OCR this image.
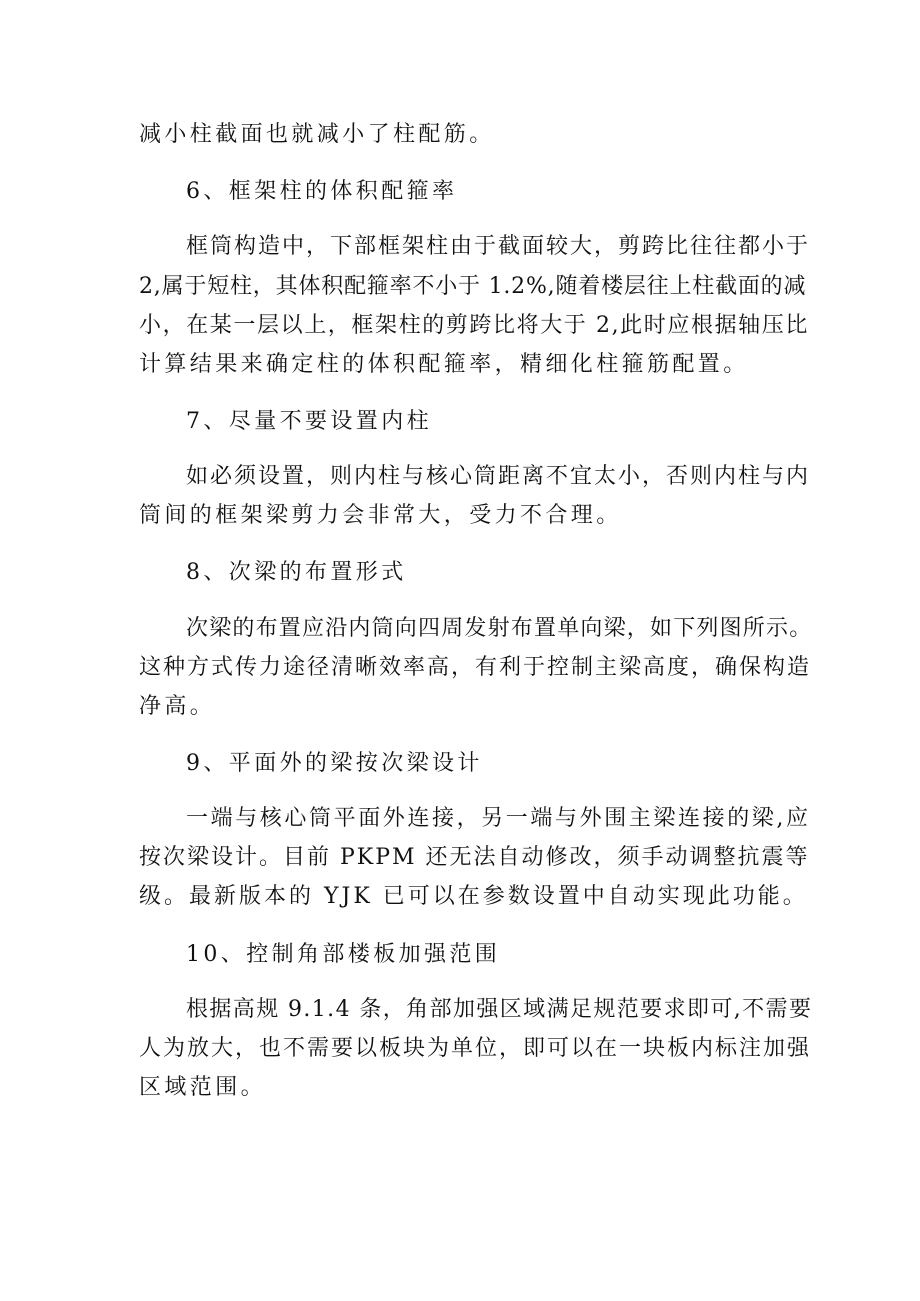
减小柱截面也就减小了柱配筋。
6、框架柱的体积配箍率
框筒构造中，下部框架柱由于截面较大，剪跨比往往都小于
2,属于短柱，其体积配箍率不小于 1.2%,随着楼层往上柱截面的减
小，在某一层以上，框架柱的剪跨比将大于 2,此时应根据轴压比
计算结果来确定柱的体积配箍率，精细化柱箍筋配置。
7、尽量不要设置内柱
如必须设置，则内柱与核心筒距离不宜太小，否则内柱与内
筒间的框架梁剪力会非常大，受力不合理。
8、次梁的布置形式
次梁的布置应沿内筒向四周发射布置单向梁，如下列图所示。
这种方式传力途径清晰效率高，有利于控制主梁高度，确保构造
净高。
9、平面外的梁按次梁设计
一端与核心筒平面外连接，另一端与外围主梁连接的梁,应
按次梁设计。目前 PKPM 还无法自动修改，须手动调整抗震等
级。最新版本的 YJK 已可以在参数设置中自动实现此功能。
10、控制角部楼板加强范围
根据高规 9.1.4 条，角部加强区域满足规范要求即可,不需要
人为放大，也不需要以板块为单位，即可以在一块板内标注加强
区域范围。
